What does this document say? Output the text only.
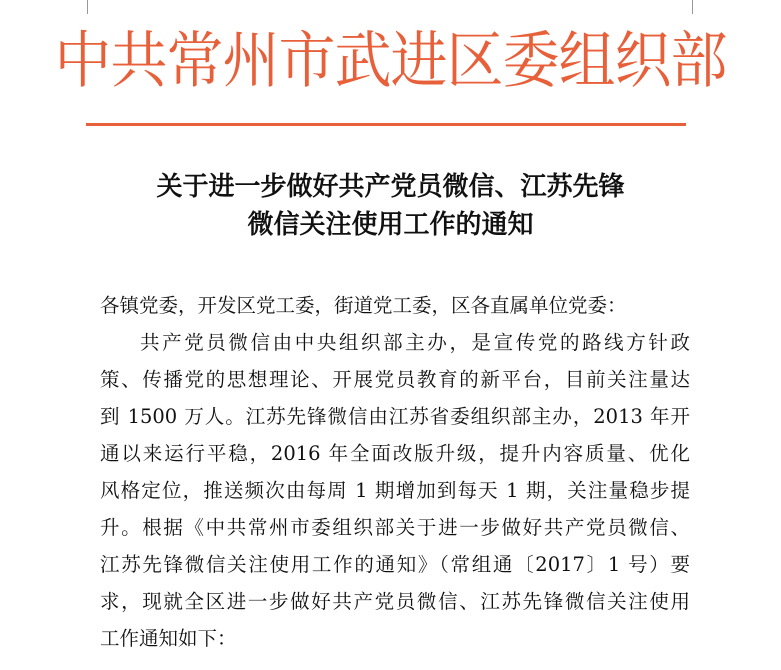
中共常州市武进区委组织部
关于进一步做好共产党员微信、江苏先锋
微信关注使用工作的通知
各镇党委，开发区党工委，街道党工委，区各直属单位党委：
共产党员微信由中央组织部主办，是宣传党的路线方针政
策、传播党的思想理论、开展党员教育的新平台，目前关注量达
到 1500 万人。江苏先锋微信由江苏省委组织部主办，2013 年开
通以来运行平稳，2016 年全面改版升级，提升内容质量、优化
风格定位，推送频次由每周 1 期增加到每天 1 期，关注量稳步提
升。根据《中共常州市委组织部关于进一步做好共产党员微信、
江苏先锋微信关注使用工作的通知》（常组通〔2017〕1 号）要
求，现就全区进一步做好共产党员微信、江苏先锋微信关注使用
工作通知如下：
